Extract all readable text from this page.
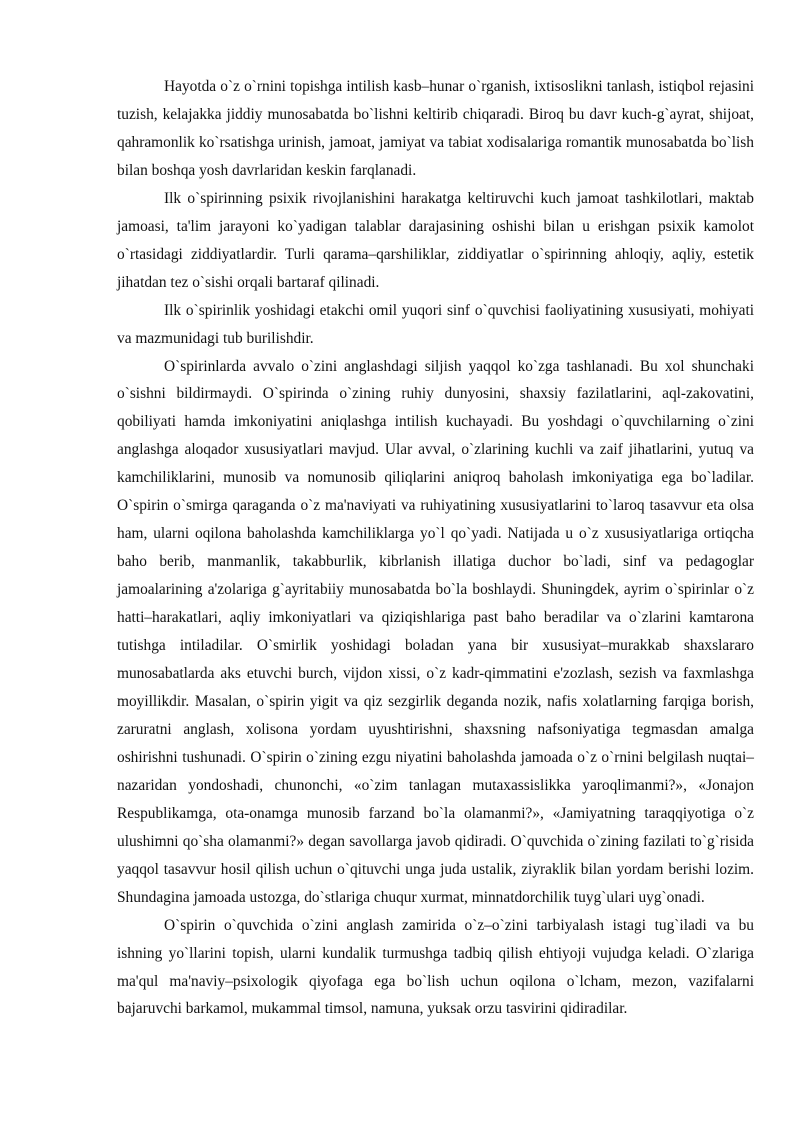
Hayotda o`z o`rnini topishga intilish kasb–hunar o`rganish, ixtisoslikni tanlash, istiqbol rejasini tuzish, kelajakka jiddiy munosabatda bo`lishni keltirib chiqaradi. Biroq bu davr kuch-g`ayrat, shijoat, qahramonlik ko`rsatishga urinish, jamoat, jamiyat va tabiat xodisalariga romantik munosabatda bo`lish bilan boshqa yosh davrlaridan keskin farqlanadi.

Ilk o`spirinning psixik rivojlanishini harakatga keltiruvchi kuch jamoat tashkilotlari, maktab jamoasi, ta'lim jarayoni ko`yadigan talablar darajasining oshishi bilan u erishgan psixik kamolot o`rtasidagi ziddiyatlardir. Turli qarama–qarshiliklar, ziddiyatlar o`spirinning ahloqiy, aqliy, estetik jihatdan tez o`sishi orqali bartaraf qilinadi.

Ilk o`spirinlik yoshidagi etakchi omil yuqori sinf o`quvchisi faoliyatining xususiyati, mohiyati va mazmunidagi tub burilishdir.

O`spirinlarda avvalo o`zini anglashdagi siljish yaqqol ko`zga tashlanadi. Bu xol shunchaki o`sishni bildirmaydi. O`spirinda o`zining ruhiy dunyosini, shaxsiy fazilatlarini, aql-zakovatini, qobiliyati hamda imkoniyatini aniqlashga intilish kuchayadi. Bu yoshdagi o`quvchilarning o`zini anglashga aloqador xususiyatlari mavjud. Ular avval, o`zlarining kuchli va zaif jihatlarini, yutuq va kamchiliklarini, munosib va nomunosib qiliqlarini aniqroq baholash imkoniyatiga ega bo`ladilar. O`spirin o`smirga qaraganda o`z ma'naviyati va ruhiyatining xususiyatlarini to`laroq tasavvur eta olsa ham, ularni oqilona baholashda kamchiliklarga yo`l qo`yadi. Natijada u o`z xususiyatlariga ortiqcha baho berib, manmanlik, takabburlik, kibrlanish illatiga duchor bo`ladi, sinf va pedagoglar jamoalarining a'zolariga g`ayritabiiy munosabatda bo`la boshlaydi. Shuningdek, ayrim o`spirinlar o`z hatti–harakatlari, aqliy imkoniyatlari va qiziqishlariga past baho beradilar va o`zlarini kamtarona tutishga intiladilar. O`smirlik yoshidagi boladan yana bir xususiyat–murakkab shaxslararo munosabatlarda aks etuvchi burch, vijdon xissi, o`z kadr-qimmatini e'zozlash, sezish va faxmlashga moyillikdir. Masalan, o`spirin yigit va qiz sezgirlik deganda nozik, nafis xolatlarning farqiga borish, zaruratni anglash, xolisona yordam uyushtirishni, shaxsning nafsoniyatiga tegmasdan amalga oshirishni tushunadi. O`spirin o`zining ezgu niyatini baholashda jamoada o`z o`rnini belgilash nuqtai–nazaridan yondoshadi, chunonchi, «o`zim tanlagan mutaxassislikka yaroqlimanmi?», «Jonajon Respublikamga, ota-onamga munosib farzand bo`la olamanmi?», «Jamiyatning taraqqiyotiga o`z ulushimni qo`sha olamanmi?» degan savollarga javob qidiradi. O`quvchida o`zining fazilati to`g`risida yaqqol tasavvur hosil qilish uchun o`qituvchi unga juda ustalik, ziyraklik bilan yordam berishi lozim. Shundagina jamoada ustozga, do`stlariga chuqur xurmat, minnatdorchilik tuyg`ulari uyg`onadi.

O`spirin o`quvchida o`zini anglash zamirida o`z–o`zini tarbiyalash istagi tug`iladi va bu ishning yo`llarini topish, ularni kundalik turmushga tadbiq qilish ehtiyoji vujudga keladi. O`zlariga ma'qul ma'naviy–psixologik qiyofaga ega bo`lish uchun oqilona o`lcham, mezon, vazifalarni bajaruvchi barkamol, mukammal timsol, namuna, yuksak orzu tasvirini qidiradilar.
